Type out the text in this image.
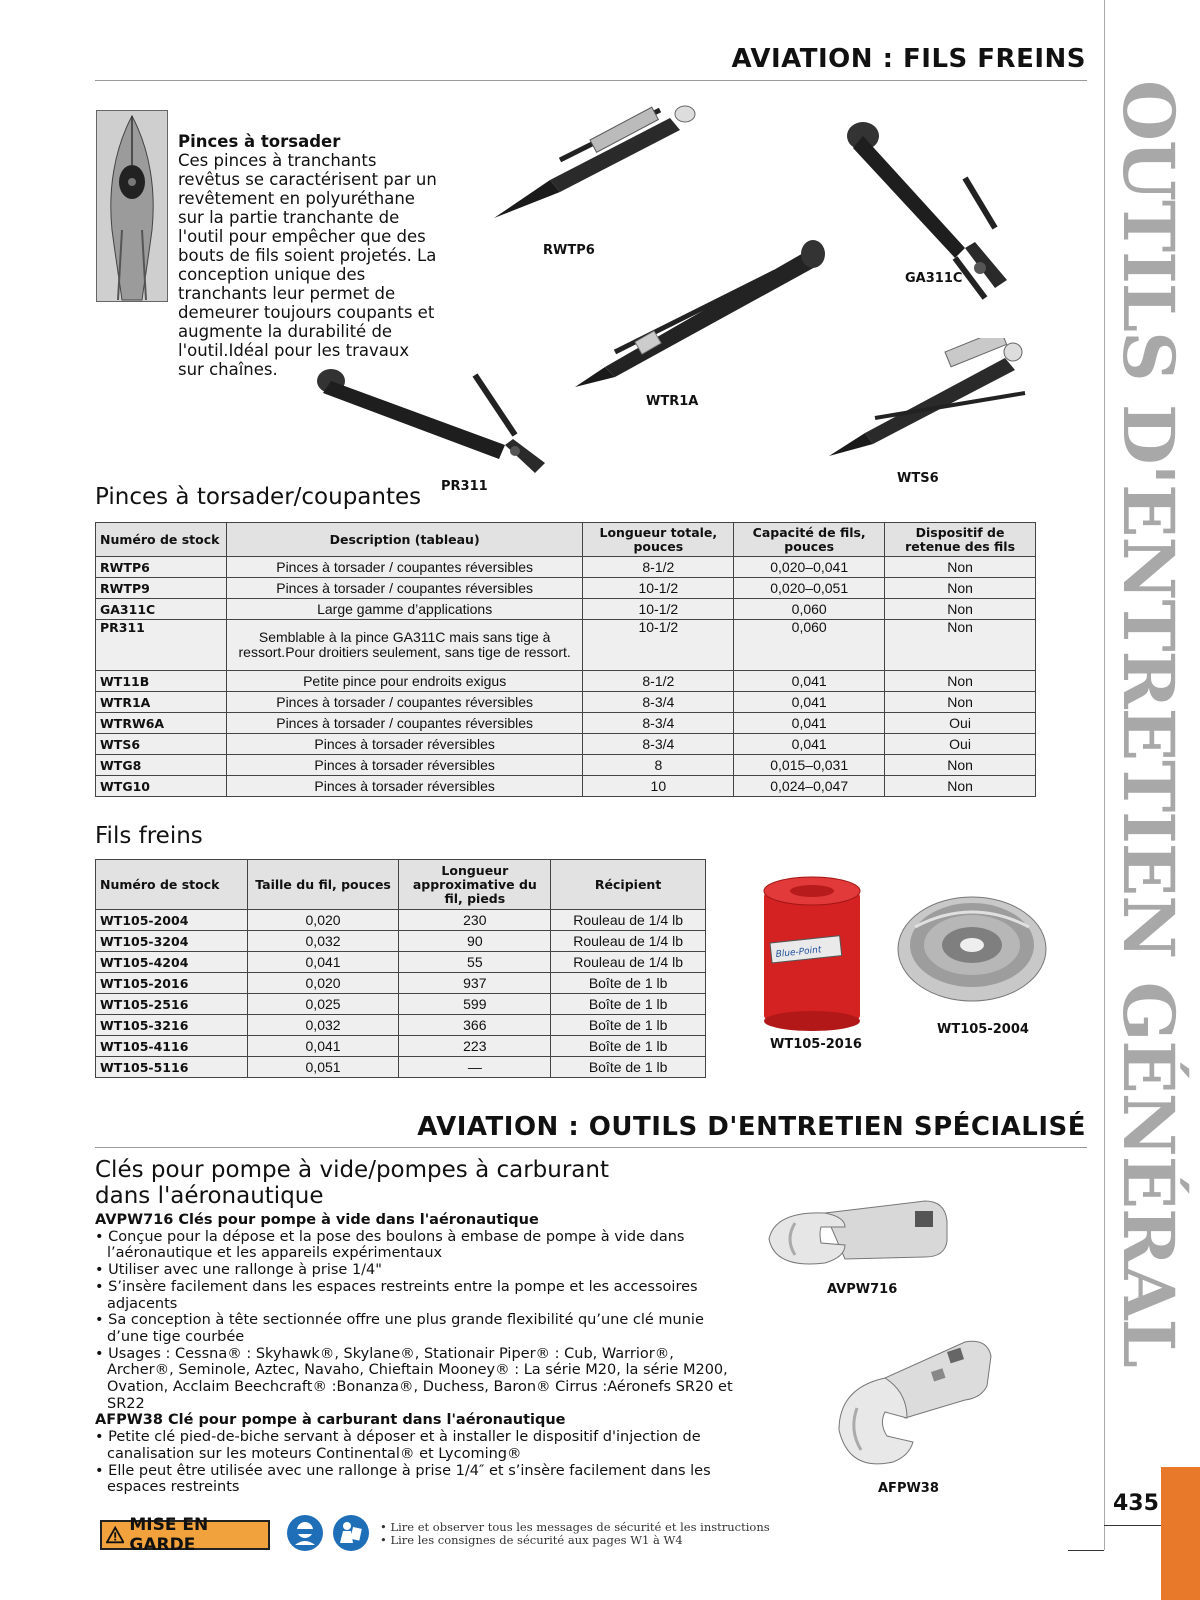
AVIATION : FILS FREINS
OUTILS D'ENTRETIEN GÉNÉRAL
435
Pinces à torsader
Ces pinces à tranchants revêtus se caractérisent par un revêtement en polyuréthane sur la partie tranchante de l'outil pour empêcher que des bouts de fils soient projetés. La conception unique des tranchants leur permet de demeurer toujours coupants et augmente la durabilité de l'outil.Idéal pour les travaux sur chaînes.
RWTP6
GA311C
WTR1A
PR311
WTS6
Pinces à torsader/coupantes
Numéro de stock	Description (tableau)	Longueur totale, pouces	Capacité de fils, pouces	Dispositif de retenue des fils
RWTP6	Pinces à torsader / coupantes réversibles	8-1/2	0,020–0,041	Non
RWTP9	Pinces à torsader / coupantes réversibles	10-1/2	0,020–0,051	Non
GA311C	Large gamme d’applications	10-1/2	0,060	Non
PR311	Semblable à la pince GA311C mais sans tige à ressort.Pour droitiers seulement, sans tige de ressort.	10-1/2	0,060	Non
WT11B	Petite pince pour endroits exigus	8-1/2	0,041	Non
WTR1A	Pinces à torsader / coupantes réversibles	8-3/4	0,041	Non
WTRW6A	Pinces à torsader / coupantes réversibles	8-3/4	0,041	Oui
WTS6	Pinces à torsader réversibles	8-3/4	0,041	Oui
WTG8	Pinces à torsader réversibles	8	0,015–0,031	Non
WTG10	Pinces à torsader réversibles	10	0,024–0,047	Non
Fils freins
Numéro de stock	Taille du fil, pouces	Longueur approximative du fil, pieds	Récipient
WT105-2004	0,020	230	Rouleau de 1/4 lb
WT105-3204	0,032	90	Rouleau de 1/4 lb
WT105-4204	0,041	55	Rouleau de 1/4 lb
WT105-2016	0,020	937	Boîte de 1 lb
WT105-2516	0,025	599	Boîte de 1 lb
WT105-3216	0,032	366	Boîte de 1 lb
WT105-4116	0,041	223	Boîte de 1 lb
WT105-5116	0,051	—	Boîte de 1 lb
Blue-Point
WT105-2016
WT105-2004
AVIATION : OUTILS D'ENTRETIEN SPÉCIALISÉ
Clés pour pompe à vide/pompes à carburant dans l'aéronautique
AVPW716 Clés pour pompe à vide dans l'aéronautique
• Conçue pour la dépose et la pose des boulons à embase de pompe à vide dans l’aéronautique et les appareils expérimentaux
• Utiliser avec une rallonge à prise 1/4"
• S’insère facilement dans les espaces restreints entre la pompe et les accessoires adjacents
• Sa conception à tête sectionnée offre une plus grande flexibilité qu’une clé munie d’une tige courbée
• Usages : Cessna® : Skyhawk®, Skylane®, Stationair Piper® : Cub, Warrior®, Archer®, Seminole, Aztec, Navaho, Chieftain Mooney® : La série M20, la série M200, Ovation, Acclaim Beechcraft® :Bonanza®, Duchess, Baron® Cirrus :Aéronefs SR20 et SR22
AFPW38 Clé pour pompe à carburant dans l'aéronautique
• Petite clé pied-de-biche servant à déposer et à installer le dispositif d'injection de canalisation sur les moteurs Continental® et Lycoming®
• Elle peut être utilisée avec une rallonge à prise 1/4″ et s’insère facilement dans les espaces restreints
AVPW716
AFPW38
MISE EN GARDE
• Lire et observer tous les messages de sécurité et les instructions
• Lire les consignes de sécurité aux pages W1 à W4
